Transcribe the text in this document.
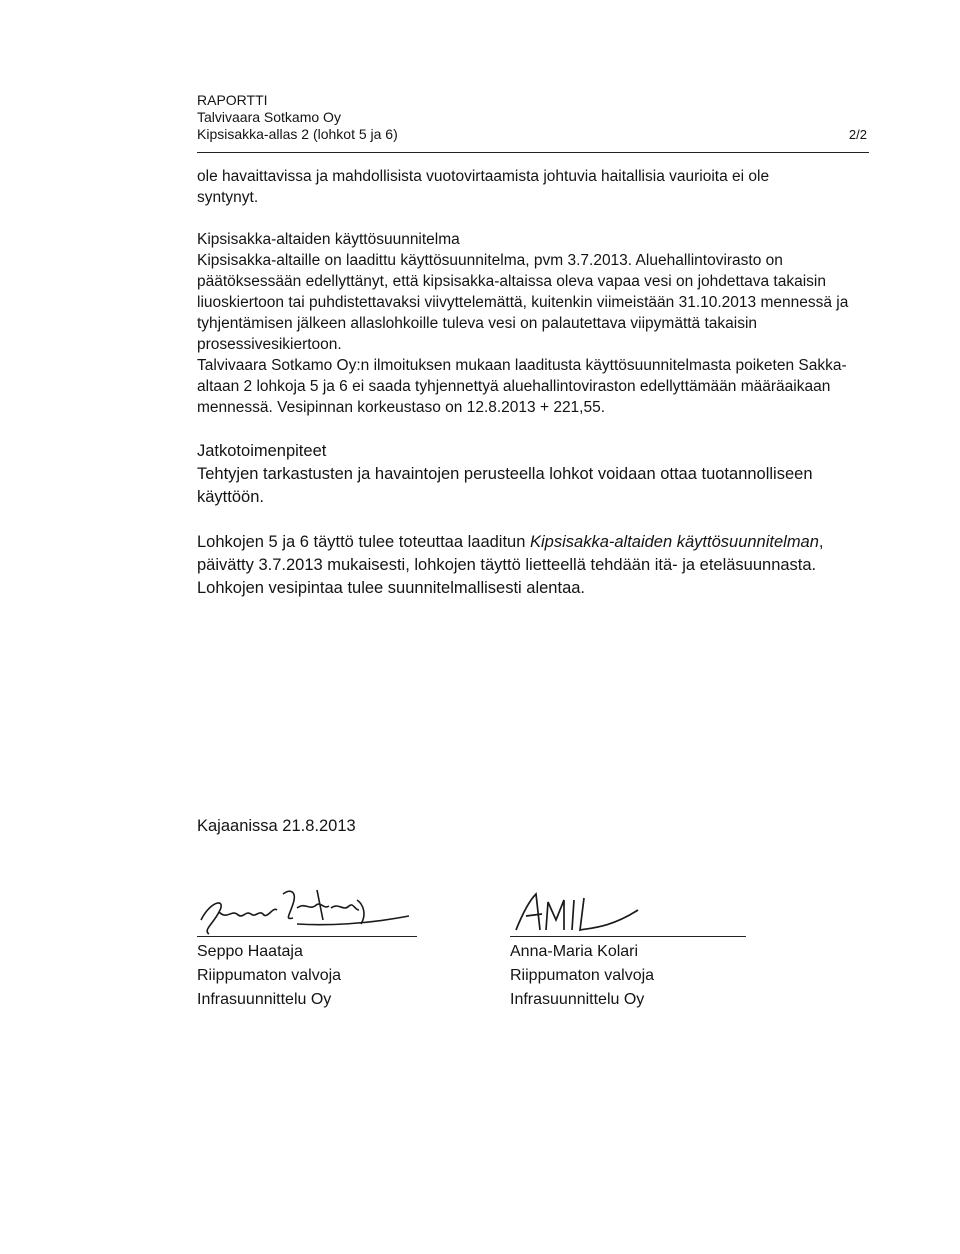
RAPORTTI
Talvivaara Sotkamo Oy
Kipsisakka-allas 2 (lohkot 5 ja 6)	2/2

ole havaittavissa ja mahdollisista vuotovirtaamista johtuvia haitallisia vaurioita ei ole

syntynyt.

Kipsisakka-altaiden käyttösuunnitelma

Kipsisakka-altaille on laadittu käyttösuunnitelma, pvm 3.7.2013. Aluehallintovirasto on päätöksessään edellyttänyt, että kipsisakka-altaissa oleva vapaa vesi on johdettava takaisin liuoskiertoon tai puhdistettavaksi viivyttelemättä, kuitenkin viimeistään 31.10.2013 mennessä ja tyhjentämisen jälkeen allaslohkoille tuleva vesi on palautettava viipymättä takaisin prosessivesikiertoon.

Talvivaara Sotkamo Oy:n ilmoituksen mukaan laaditusta käyttösuunnitelmasta poiketen Sakka-altaan 2 lohkoja 5 ja 6 ei saada tyhjennettyä aluehallintoviraston edellyttämään määräaikaan mennessä. Vesipinnan korkeustaso on 12.8.2013 + 221,55.

Jatkotoimenpiteet

Tehtyjen tarkastusten ja havaintojen perusteella lohkot voidaan ottaa tuotannolliseen käyttöön.

Lohkojen 5 ja 6 täyttö tulee toteuttaa laaditun Kipsisakka-altaiden käyttösuunnitelman, päivätty 3.7.2013 mukaisesti, lohkojen täyttö lietteellä tehdään itä- ja eteläsuunnasta. Lohkojen vesipintaa tulee suunnitelmallisesti alentaa.

Kajaanissa 21.8.2013
Seppo Haataja
Riippumaton valvoja
Infrasuunnittelu Oy
Anna-Maria Kolari
Riippumaton valvoja
Infrasuunnittelu Oy
